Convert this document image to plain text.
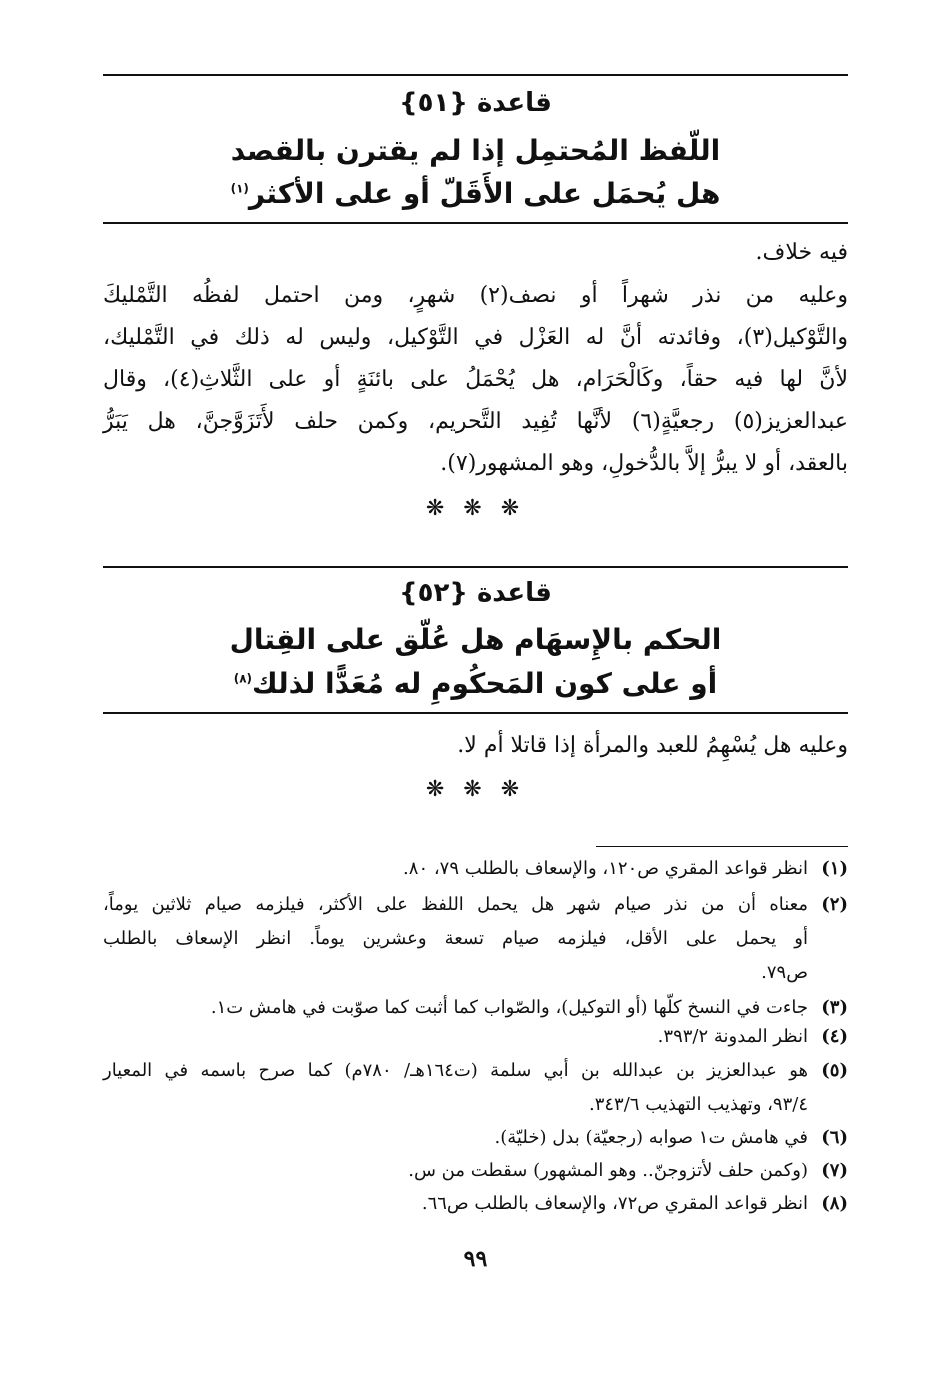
قاعدة {٥١}
اللّفظ المُحتمِل إذا لم يقترن بالقصد
هل يُحمَل على الأَقَلّ أو على الأكثر$^{(١)}$
فيه خلاف.
وعليه من نذر شهراً أو نصف(٢) شهرٍ، ومن احتمل لفظُه التَّمْليكَ
والتَّوْكيل(٣)، وفائدته أنَّ له العَزْل في التَّوْكيل، وليس له ذلك في التَّمْليك،
لأنَّ لها فيه حقاً، وكَالْحَرَام، هل يُحْمَلُ على بائنَةٍ أو على الثَّلاثِ(٤)، وقال
عبدالعزيز(٥) رجعيَّةٍ(٦) لأنَّها تُفِيد التَّحريم، وكمن حلف لأَتَزَوَّجنَّ، هل يَبَرُّ
بالعقد، أو لا يبرُّ إلاَّ بالدُّخولِ، وهو المشهور(٧).
❋ ❋ ❋
قاعدة {٥٢}
الحكم بالإِسهَام هل عُلّق على القِتال
أو على كون المَحكُومِ له مُعَدًّا لذلك$^{(٨)}$
وعليه هل يُسْهِمُ للعبد والمرأة إذا قاتلا أم لا.
❋ ❋ ❋
(١)انظر قواعد المقري ص١٢٠، والإسعاف بالطلب ٧٩، ٨٠.
(٢)معناه أن من نذر صيام شهر هل يحمل اللفظ على الأكثر، فيلزمه صيام ثلاثين يوماً،
أو يحمل على الأقل، فيلزمه صيام تسعة وعشرين يوماً. انظر الإسعاف بالطلب
ص٧٩.
(٣)جاءت في النسخ كلّها (أو التوكيل)، والصّواب كما أثبت كما صوّبت في هامش ت١.
(٤)انظر المدونة ٣٩٣/٢.
(٥)هو عبدالعزيز بن عبدالله بن أبي سلمة (ت١٦٤هـ/ ٧٨٠م) كما صرح باسمه في المعيار
٩٣/٤، وتهذيب التهذيب ٣٤٣/٦.
(٦)في هامش ت١ صوابه (رجعيّة) بدل (خليّة).
(٧)(وكمن حلف لأتزوجنّ.. وهو المشهور) سقطت من س.
(٨)انظر قواعد المقري ص٧٢، والإسعاف بالطلب ص٦٦.
٩٩
